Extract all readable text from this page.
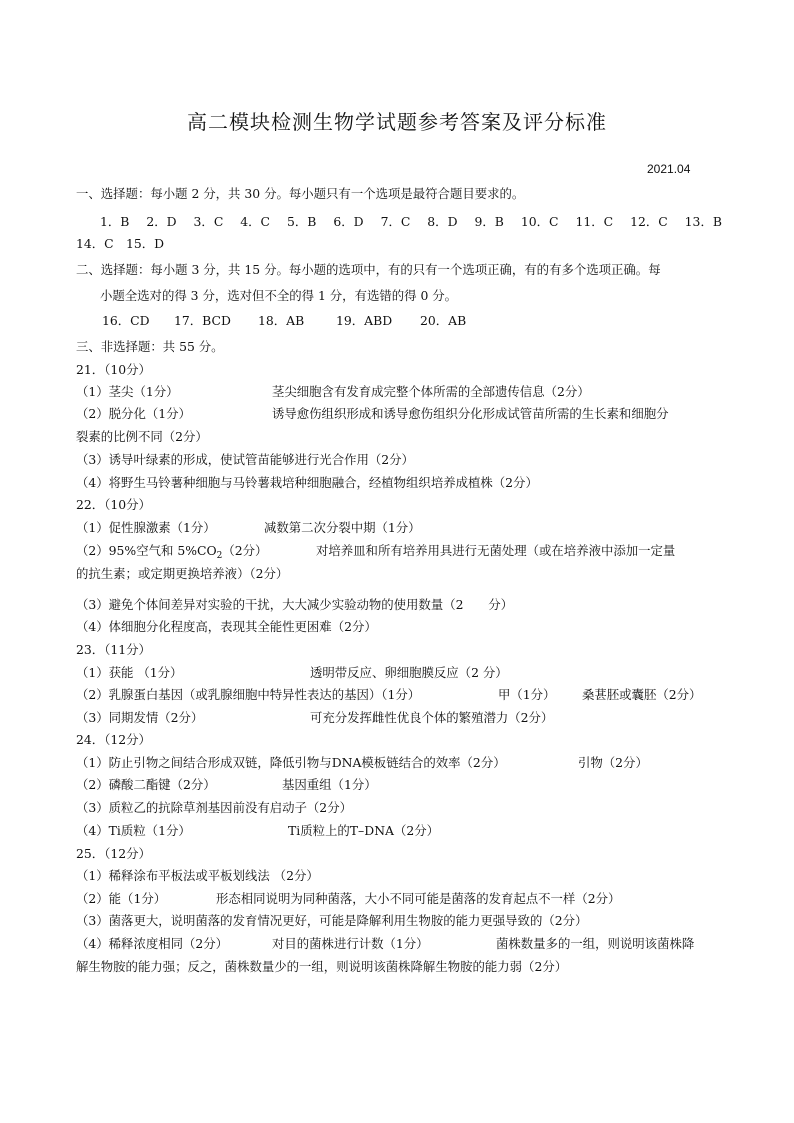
高二模块检测生物学试题参考答案及评分标准
2021.04
一、选择题：每小题 2 分，共 30 分。每小题只有一个选项是最符合题目要求的。
1．B 2．D 3．C 4．C 5．B 6．D 7．C 8．D 9．B 10．C 11．C 12．C 13．B
14．C　15．D
二、选择题：每小题 3 分，共 15 分。每小题的选项中，有的只有一个选项正确，有的有多个选项正确。每
小题全选对的得 3 分，选对但不全的得 1 分，有选错的得 0 分。
16．CD 17．BCD 18．AB	19．ABD 20．AB
三、非选择题：共 55 分。
21．（10分）
（1）茎尖（1分）	茎尖细胞含有发育成完整个体所需的全部遗传信息（2分）
（2）脱分化（1分）	诱导愈伤组织形成和诱导愈伤组织分化形成试管苗所需的生长素和细胞分
裂素的比例不同（2分）
（3）诱导叶绿素的形成，使试管苗能够进行光合作用（2分）
（4）将野生马铃薯种细胞与马铃薯栽培种细胞融合，经植物组织培养成植株（2分）
22．（10分）
（1）促性腺激素（1分）	减数第二次分裂中期（1分）
（2）95%空气和 $5\%CO_2(2$分）	对培养皿和所有培养用具进行无菌处理（或在培养液中添加一定量
的抗生素；或定期更换培养液）（2分）
（3）避免个体间差异对实验的干扰，大大减少实验动物的使用数量（2　　分）
（4）体细胞分化程度高，表现其全能性更困难（2分）
23．（11分）
（1）获能 （1分）	透明带反应、卵细胞膜反应（2 分）
（2）乳腺蛋白基因（或乳腺细胞中特异性表达的基因）（1分）	甲（1分） 桑葚胚或囊胚（2分）
（3）同期发情（2分）	可充分发挥雌性优良个体的繁殖潜力（2分）
24．（12分）
（1）防止引物之间结合形成双链，降低引物与DNA模板链结合的效率（2分）	引物（2分）
（2）磷酸二酯键（2分）	基因重组（1分）
（3）质粒乙的抗除草剂基因前没有启动子（2分）
（4）Ti质粒（1分）	Ti质粒上的T–DNA（2分）
25．（12分）
（1）稀释涂布平板法或平板划线法 （2分）
（2）能（1分）	形态相同说明为同种菌落，大小不同可能是菌落的发育起点不一样（2分）
（3）菌落更大，说明菌落的发育情况更好，可能是降解利用生物胺的能力更强导致的（2分）
（4）稀释浓度相同（2分）	对目的菌株进行计数（1分）	菌株数量多的一组，则说明该菌株降
解生物胺的能力强；反之，菌株数量少的一组，则说明该菌株降解生物胺的能力弱（2分）
